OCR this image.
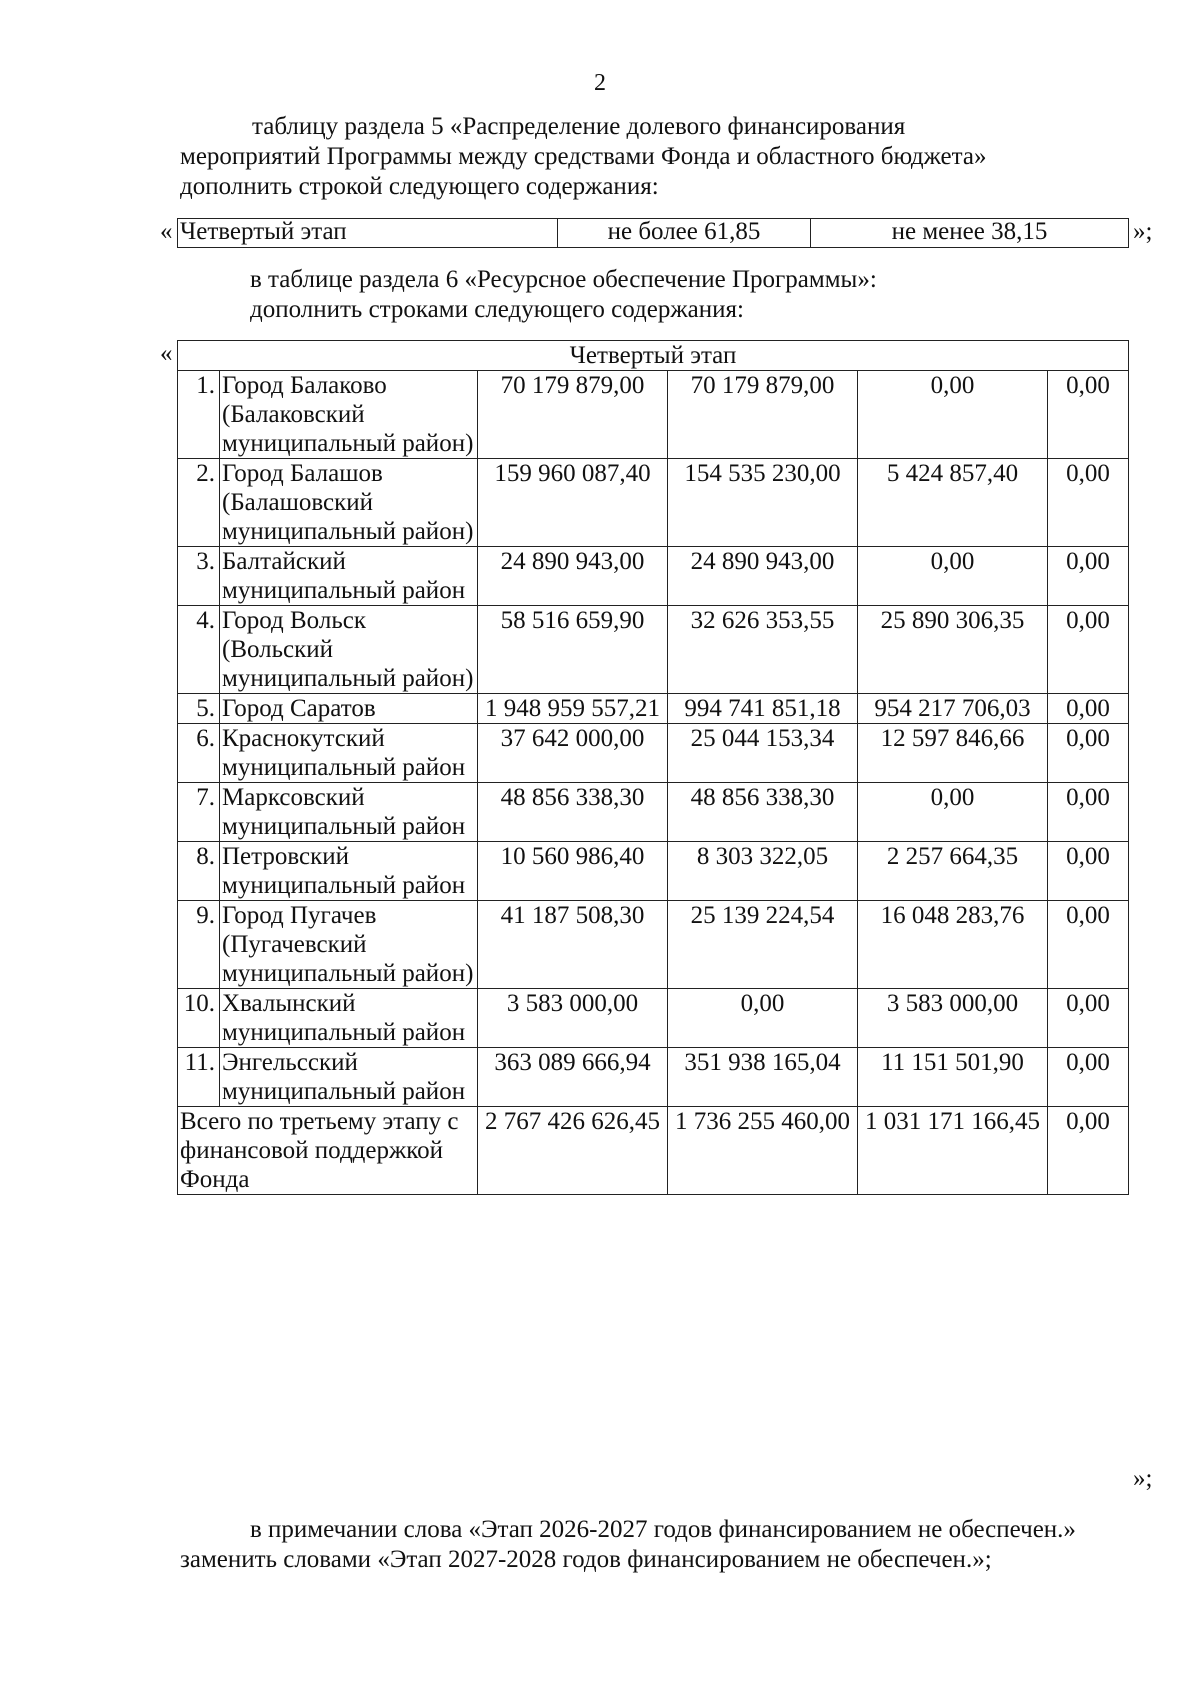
2
таблицу раздела 5 «Распределение долевого финансирования
мероприятий Программы между средствами Фонда и областного бюджета»
дополнить строкой следующего содержания:
« Четвертый этап	не более 61,85	не менее 38,15	»;
в таблице раздела 6 «Ресурсное обеспечение Программы»:
дополнить строками следующего содержания:
«	Четвертый этап					
1.	Город Балаково (Балаковский муниципальный район)	70 179 879,00	70 179 879,00	0,00	0,00
2.	Город Балашов (Балашовский муниципальный район)	159 960 087,40	154 535 230,00	5 424 857,40	0,00
3.	Балтайский муниципальный район	24 890 943,00	24 890 943,00	0,00	0,00
4.	Город Вольск (Вольский муниципальный район)	58 516 659,90	32 626 353,55	25 890 306,35	0,00
5.	Город Саратов	1 948 959 557,21	994 741 851,18	954 217 706,03	0,00
6.	Краснокутский муниципальный район	37 642 000,00	25 044 153,34	12 597 846,66	0,00
7.	Марксовский муниципальный район	48 856 338,30	48 856 338,30	0,00	0,00
8.	Петровский муниципальный район	10 560 986,40	8 303 322,05	2 257 664,35	0,00
9.	Город Пугачев (Пугачевский муниципальный район)	41 187 508,30	25 139 224,54	16 048 283,76	0,00
10.	Хвалынский муниципальный район	3 583 000,00	0,00	3 583 000,00	0,00
11.	Энгельсский муниципальный район	363 089 666,94	351 938 165,04	11 151 501,90	0,00
Всего по третьему этапу с финансовой поддержкой Фонда		2 767 426 626,45	1 736 255 460,00	1 031 171 166,45	0,00
»;
в примечании слова «Этап 2026-2027 годов финансированием не обеспечен.»
заменить словами «Этап 2027-2028 годов финансированием не обеспечен.»;
